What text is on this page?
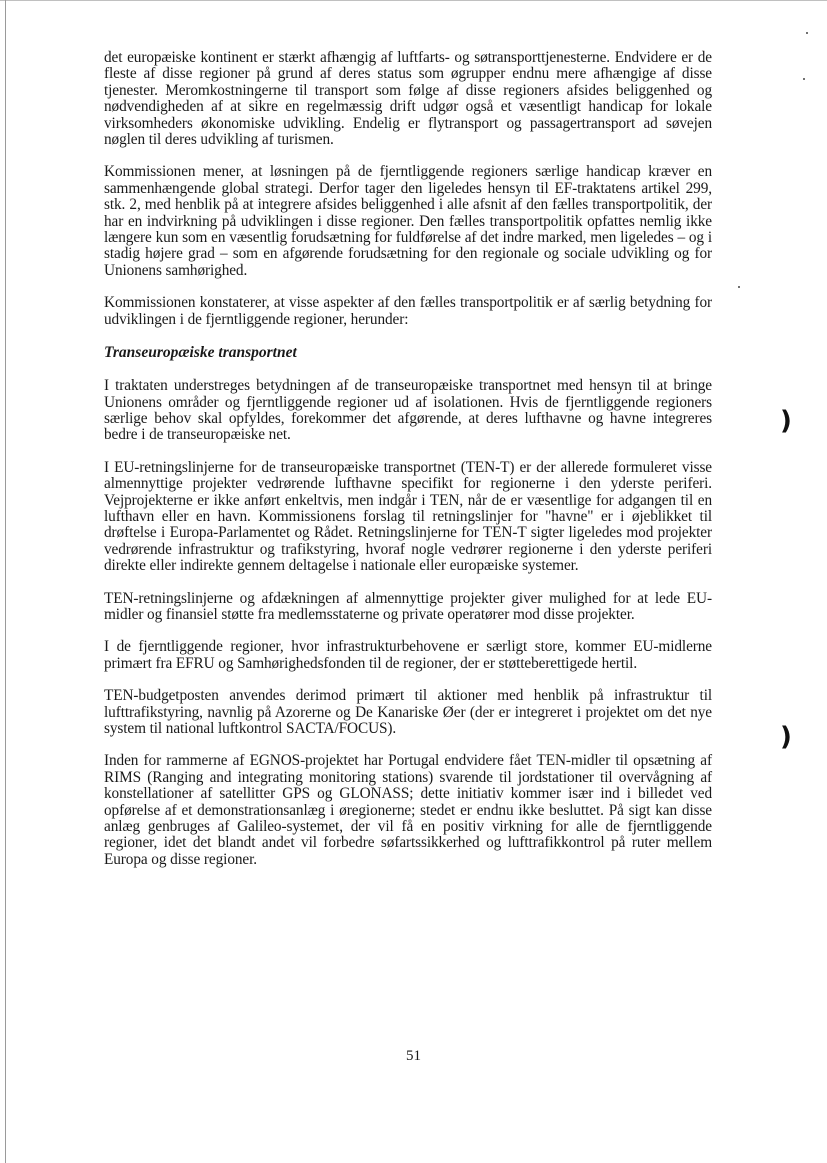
det europæiske kontinent er stærkt afhængig af luftfarts- og søtransporttjenesterne. Endvidere er de fleste af disse regioner på grund af deres status som øgrupper endnu mere afhængige af disse tjenester. Meromkostningerne til transport som følge af disse regioners afsides beliggenhed og nødvendigheden af at sikre en regelmæssig drift udgør også et væsentligt handicap for lokale virksomheders økonomiske udvikling. Endelig er flytransport og passagertransport ad søvejen nøglen til deres udvikling af turismen.

Kommissionen mener, at løsningen på de fjerntliggende regioners særlige handicap kræver en sammenhængende global strategi. Derfor tager den ligeledes hensyn til EF-traktatens artikel 299, stk. 2, med henblik på at integrere afsides beliggenhed i alle afsnit af den fælles transportpolitik, der har en indvirkning på udviklingen i disse regioner. Den fælles transportpolitik opfattes nemlig ikke længere kun som en væsentlig forudsætning for fuldførelse af det indre marked, men ligeledes – og i stadig højere grad – som en afgørende forudsætning for den regionale og sociale udvikling og for Unionens samhørighed.

Kommissionen konstaterer, at visse aspekter af den fælles transportpolitik er af særlig betydning for udviklingen i de fjerntliggende regioner, herunder:

Transeuropæiske transportnet

I traktaten understreges betydningen af de transeuropæiske transportnet med hensyn til at bringe Unionens områder og fjerntliggende regioner ud af isolationen. Hvis de fjerntliggende regioners særlige behov skal opfyldes, forekommer det afgørende, at deres lufthavne og havne integreres bedre i de transeuropæiske net.

I EU-retningslinjerne for de transeuropæiske transportnet (TEN-T) er der allerede formuleret visse almennyttige projekter vedrørende lufthavne specifikt for regionerne i den yderste periferi. Vejprojekterne er ikke anført enkeltvis, men indgår i TEN, når de er væsentlige for adgangen til en lufthavn eller en havn. Kommissionens forslag til retningslinjer for "havne" er i øjeblikket til drøftelse i Europa-Parlamentet og Rådet. Retningslinjerne for TEN-T sigter ligeledes mod projekter vedrørende infrastruktur og trafikstyring, hvoraf nogle vedrører regionerne i den yderste periferi direkte eller indirekte gennem deltagelse i nationale eller europæiske systemer.

TEN-retningslinjerne og afdækningen af almennyttige projekter giver mulighed for at lede EU-midler og finansiel støtte fra medlemsstaterne og private operatører mod disse projekter.

I de fjerntliggende regioner, hvor infrastrukturbehovene er særligt store, kommer EU-midlerne primært fra EFRU og Samhørighedsfonden til de regioner, der er støtteberettigede hertil.

TEN-budgetposten anvendes derimod primært til aktioner med henblik på infrastruktur til lufttrafikstyring, navnlig på Azorerne og De Kanariske Øer (der er integreret i projektet om det nye system til national luftkontrol SACTA/FOCUS).

Inden for rammerne af EGNOS-projektet har Portugal endvidere fået TEN-midler til opsætning af RIMS (Ranging and integrating monitoring stations) svarende til jordstationer til overvågning af konstellationer af satellitter GPS og GLONASS; dette initiativ kommer især ind i billedet ved opførelse af et demonstrationsanlæg i øregionerne; stedet er endnu ikke besluttet. På sigt kan disse anlæg genbruges af Galileo-systemet, der vil få en positiv virkning for alle de fjerntliggende regioner, idet det blandt andet vil forbedre søfartssikkerhed og lufttrafikkontrol på ruter mellem Europa og disse regioner.

51
)
)
